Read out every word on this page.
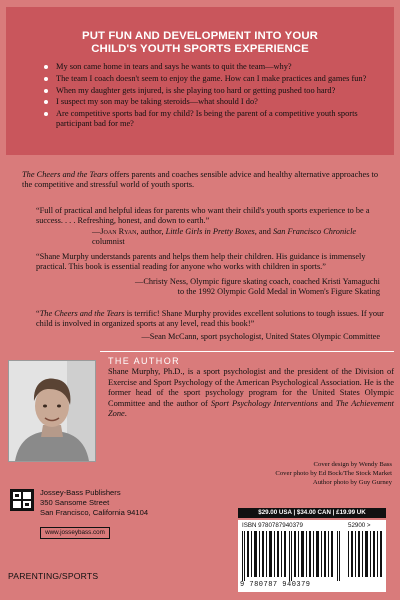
PUT FUN AND DEVELOPMENT INTO YOUR
CHILD'S YOUTH SPORTS EXPERIENCE
My son came home in tears and says he wants to quit the team—why?
The team I coach doesn't seem to enjoy the game. How can I make practices and games fun?
When my daughter gets injured, is she playing too hard or getting pushed too hard?
I suspect my son may be taking steroids—what should I do?
Are competitive sports bad for my child? Is being the parent of a competitive youth sports participant bad for me?
The Cheers and the Tears offers parents and coaches sensible advice and healthy alternative approaches to the competitive and stressful world of youth sports.
“Full of practical and helpful ideas for parents who want their child's youth sports experience to be a success. . . . Refreshing, honest, and down to earth.”

—Joan Ryan, author, Little Girls in Pretty Boxes, and San Francisco Chronicle columnist
“Shane Murphy understands parents and helps them help their children. His guidance is immensely practical. This book is essential reading for anyone who works with children in sports.”

—Christy Ness, Olympic figure skating coach, coached Kristi Yamaguchi
to the 1992 Olympic Gold Medal in Women's Figure Skating
“The Cheers and the Tears is terrific! Shane Murphy provides excellent solutions to tough issues. If your child is involved in organized sports at any level, read this book!”

—Sean McCann, sport psychologist, United States Olympic Committee
THE AUTHOR
Shane Murphy, Ph.D., is a sport psychologist and the president of the Division of Exercise and Sport Psychology of the American Psychological Association. He is the former head of the sport psychology program for the United States Olympic Committee and the author of Sport Psychology Interventions and The Achievement Zone.
Cover design by Wendy Bass
Cover photo by Ed Bock/The Stock Market
Author photo by Guy Gurney
Jossey-Bass Publishers
350 Sansome Street
San Francisco, California 94104
www.josseybass.com
PARENTING/SPORTS
$29.00 USA | $34.00 CAN | £19.99 UK
ISBN 9780787940379	52900 >
9 780787 940379
